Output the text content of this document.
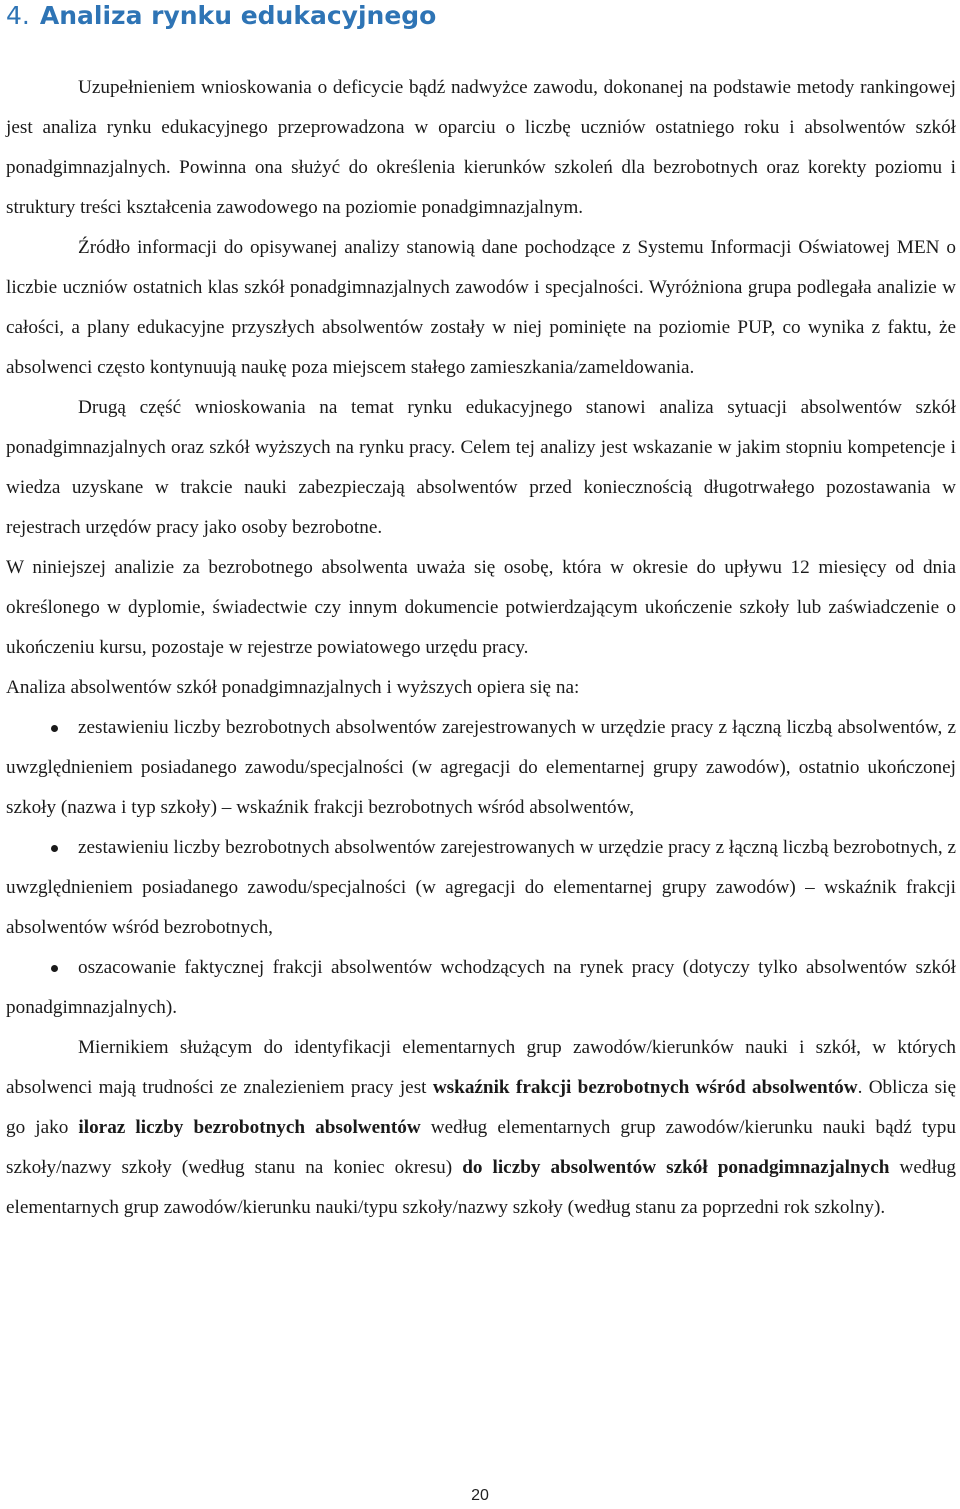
4. Analiza rynku edukacyjnego

Uzupełnieniem wnioskowania o deficycie bądź nadwyżce zawodu, dokonanej na podstawie metody rankingowej jest analiza rynku edukacyjnego przeprowadzona w oparciu o liczbę uczniów ostatniego roku i absolwentów szkół ponadgimnazjalnych. Powinna ona służyć do określenia kierunków szkoleń dla bezrobotnych oraz korekty poziomu i struktury treści kształcenia zawodowego na poziomie ponadgimnazjalnym.

Źródło informacji do opisywanej analizy stanowią dane pochodzące z Systemu Informacji Oświatowej MEN o liczbie uczniów ostatnich klas szkół ponadgimnazjalnych zawodów i specjalności. Wyróżniona grupa podlegała analizie w całości, a plany edukacyjne przyszłych absolwentów zostały w niej pominięte na poziomie PUP, co wynika z faktu, że absolwenci często kontynuują naukę poza miejscem stałego zamieszkania/zameldowania.

Drugą część wnioskowania na temat rynku edukacyjnego stanowi analiza sytuacji absolwentów szkół ponadgimnazjalnych oraz szkół wyższych na rynku pracy. Celem tej analizy jest wskazanie w jakim stopniu kompetencje i wiedza uzyskane w trakcie nauki zabezpieczają absolwentów przed koniecznością długotrwałego pozostawania w rejestrach urzędów pracy jako osoby bezrobotne.

W niniejszej analizie za bezrobotnego absolwenta uważa się osobę, która w okresie do upływu 12 miesięcy od dnia określonego w dyplomie, świadectwie czy innym dokumencie potwierdzającym ukończenie szkoły lub zaświadczenie o ukończeniu kursu, pozostaje w rejestrze powiatowego urzędu pracy.

Analiza absolwentów szkół ponadgimnazjalnych i wyższych opiera się na:

zestawieniu liczby bezrobotnych absolwentów zarejestrowanych w urzędzie pracy z łączną liczbą absolwentów, z uwzględnieniem posiadanego zawodu/specjalności (w agregacji do elementarnej grupy zawodów), ostatnio ukończonej szkoły (nazwa i typ szkoły) – wskaźnik frakcji bezrobotnych wśród absolwentów,

zestawieniu liczby bezrobotnych absolwentów zarejestrowanych w urzędzie pracy z łączną liczbą bezrobotnych, z uwzględnieniem posiadanego zawodu/specjalności (w agregacji do elementarnej grupy zawodów) – wskaźnik frakcji absolwentów wśród bezrobotnych,

oszacowanie faktycznej frakcji absolwentów wchodzących na rynek pracy (dotyczy tylko absolwentów szkół ponadgimnazjalnych).

Miernikiem służącym do identyfikacji elementarnych grup zawodów/kierunków nauki i szkół, w których absolwenci mają trudności ze znalezieniem pracy jest wskaźnik frakcji bezrobotnych wśród absolwentów. Oblicza się go jako iloraz liczby bezrobotnych absolwentów według elementarnych grup zawodów/kierunku nauki bądź typu szkoły/nazwy szkoły (według stanu na koniec okresu) do liczby absolwentów szkół ponadgimnazjalnych według elementarnych grup zawodów/kierunku nauki/typu szkoły/nazwy szkoły (według stanu za poprzedni rok szkolny).

20
